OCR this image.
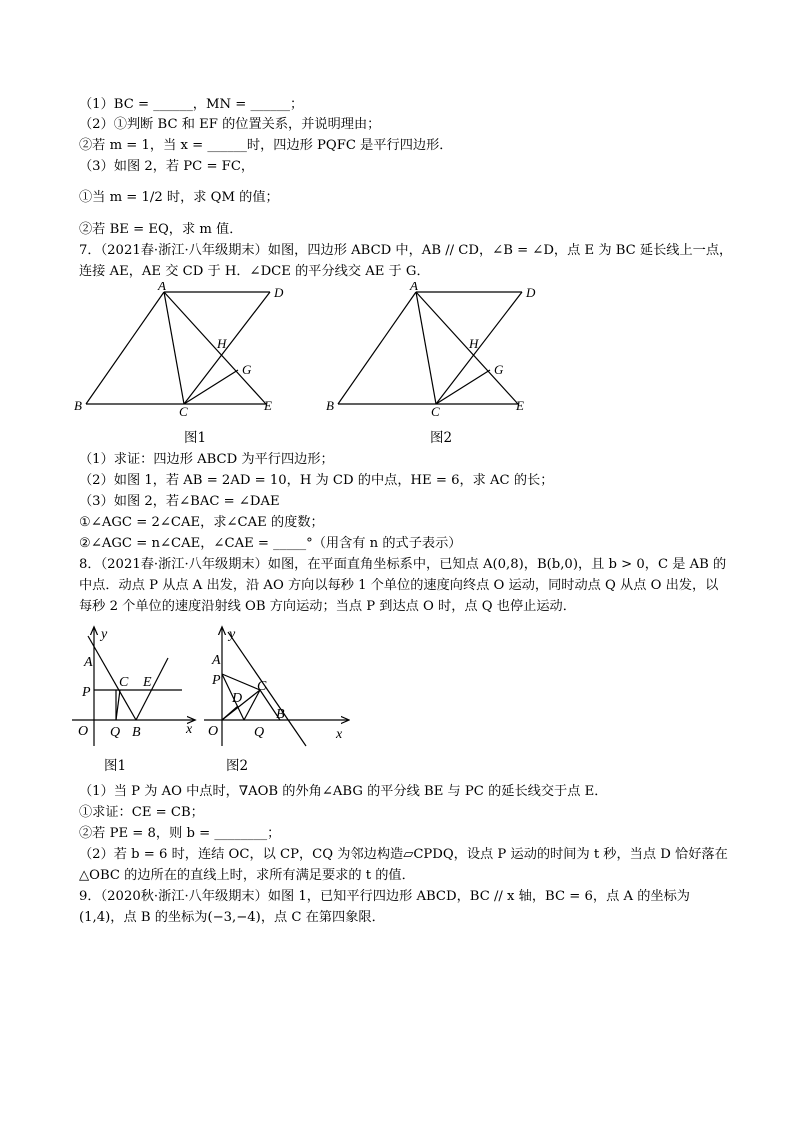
（1）BC = ______，MN = ______；
（2）①判断 BC 和 EF 的位置关系，并说明理由；
②若 m = 1，当 x = ______时，四边形 PQFC 是平行四边形．
（3）如图 2，若 PC = FC，
①当 m = 1/2 时，求 QM 的值；
②若 BE = EQ，求 m 值．
7．（2021春·浙江·八年级期末）如图，四边形 ABCD 中，AB // CD，∠B = ∠D，点 E 为 BC 延长线上一点，
连接 AE，AE 交 CD 于 H．∠DCE 的平分线交 AE 于 G．
A	D
H
G
B	C	E
图1
A	D
H
G
B	C	E
图2
（1）求证：四边形 ABCD 为平行四边形；
（2）如图 1，若 AB = 2AD = 10，H 为 CD 的中点，HE = 6，求 AC 的长；
（3）如图 2，若∠BAC = ∠DAE
①∠AGC = 2∠CAE，求∠CAE 的度数；
②∠AGC = n∠CAE，∠CAE = _____°（用含有 n 的式子表示）
8．（2021春·浙江·八年级期末）如图，在平面直角坐标系中，已知点 A(0,8)，B(b,0)，且 b > 0，C 是 AB 的
中点．动点 P 从点 A 出发，沿 AO 方向以每秒 1 个单位的速度向终点 O 运动，同时动点 Q 从点 O 出发，以
每秒 2 个单位的速度沿射线 OB 方向运动；当点 P 到达点 O 时，点 Q 也停止运动．
y
x
A
P
C E
O Q B
图1
y
x
A
P	C
D
O	Q
B
图2
（1）当 P 为 AO 中点时，∇AOB 的外角∠ABG 的平分线 BE 与 PC 的延长线交于点 E．
①求证：CE = CB；
②若 PE = 8，则 b = ________；
（2）若 b = 6 时，连结 OC，以 CP，CQ 为邻边构造▱CPDQ，设点 P 运动的时间为 t 秒，当点 D 恰好落在
△OBC 的边所在的直线上时，求所有满足要求的 t 的值．
9．（2020秋·浙江·八年级期末）如图 1，已知平行四边形 ABCD，BC // x 轴，BC = 6，点 A 的坐标为
(1,4)，点 B 的坐标为(−3,−4)，点 C 在第四象限．
